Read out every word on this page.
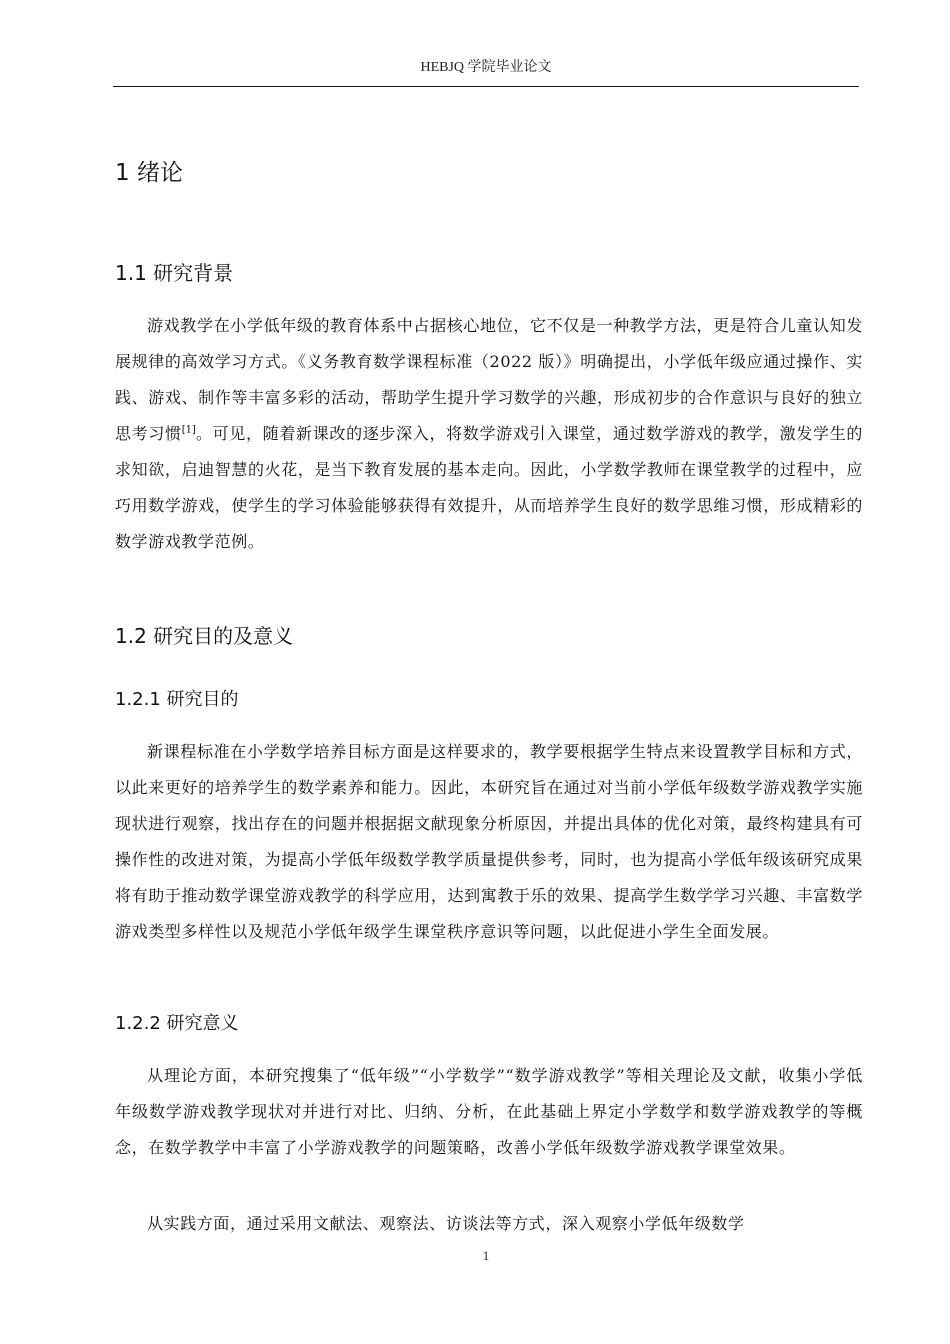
HEBJQ 学院毕业论文
1 绪论
1.1 研究背景

游戏教学在小学低年级的教育体系中占据核心地位，它不仅是一种教学方法，更是符合儿童认知发展规律的高效学习方式。《义务教育数学课程标准（2022 版）》明确提出，小学低年级应通过操作、实践、游戏、制作等丰富多彩的活动，帮助学生提升学习数学的兴趣，形成初步的合作意识与良好的独立思考习惯[1]。可见，随着新课改的逐步深入，将数学游戏引入课堂，通过数学游戏的教学，激发学生的求知欲，启迪智慧的火花，是当下教育发展的基本走向。因此，小学数学教师在课堂教学的过程中，应巧用数学游戏，使学生的学习体验能够获得有效提升，从而培养学生良好的数学思维习惯，形成精彩的数学游戏教学范例。

1.2 研究目的及意义
1.2.1 研究目的

新课程标准在小学数学培养目标方面是这样要求的，教学要根据学生特点来设置教学目标和方式，以此来更好的培养学生的数学素养和能力。因此，本研究旨在通过对当前小学低年级数学游戏教学实施现状进行观察，找出存在的问题并根据据文献现象分析原因，并提出具体的优化对策，最终构建具有可操作性的改进对策，为提高小学低年级数学教学质量提供参考，同时，也为提高小学低年级该研究成果将有助于推动数学课堂游戏教学的科学应用，达到寓教于乐的效果、提高学生数学学习兴趣、丰富数学游戏类型多样性以及规范小学低年级学生课堂秩序意识等问题，以此促进小学生全面发展。

1.2.2 研究意义

从理论方面，本研究搜集了“低年级”“小学数学”“数学游戏教学”等相关理论及文献，收集小学低年级数学游戏教学现状对并进行对比、归纳、分析，在此基础上界定小学数学和数学游戏教学的等概念，在数学教学中丰富了小学游戏教学的问题策略，改善小学低年级数学游戏教学课堂效果。

从实践方面，通过采用文献法、观察法、访谈法等方式，深入观察小学低年级数学

1
